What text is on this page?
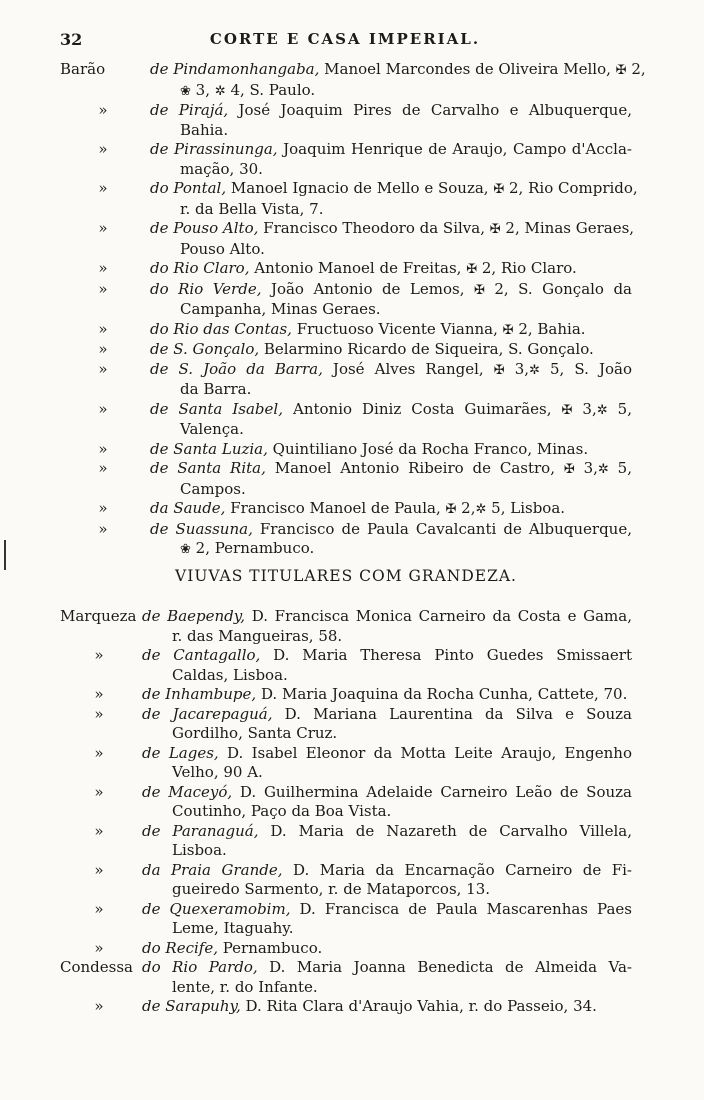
32	CORTE E CASA IMPERIAL.
Barão	de Pindamonhangaba, Manoel Marcondes de Oliveira Mello, ✠ 2,
❀ 3, ✲ 4, S. Paulo.
»	de Pirajá, José Joaquim Pires de Carvalho e Albuquerque,
Bahia.
»	de Pirassinunga, Joaquim Henrique de Araujo, Campo d'Accla-
mação, 30.
»	do Pontal, Manoel Ignacio de Mello e Souza, ✠ 2, Rio Comprido,
r. da Bella Vista, 7.
»	de Pouso Alto, Francisco Theodoro da Silva, ✠ 2, Minas Geraes,
Pouso Alto.
»	do Rio Claro, Antonio Manoel de Freitas, ✠ 2, Rio Claro.
»	do Rio Verde, João Antonio de Lemos, ✠ 2, S. Gonçalo da
Campanha, Minas Geraes.
»	do Rio das Contas, Fructuoso Vicente Vianna, ✠ 2, Bahia.
»	de S. Gonçalo, Belarmino Ricardo de Siqueira, S. Gonçalo.
»	de S. João da Barra, José Alves Rangel, ✠ 3,✲ 5, S. João
da Barra.
»	de Santa Isabel, Antonio Diniz Costa Guimarães, ✠ 3,✲ 5,
Valença.
»	de Santa Luzia, Quintiliano José da Rocha Franco, Minas.
»	de Santa Rita, Manoel Antonio Ribeiro de Castro, ✠ 3,✲ 5,
Campos.
»	da Saude, Francisco Manoel de Paula, ✠ 2,✲ 5, Lisboa.
»	de Suassuna, Francisco de Paula Cavalcanti de Albuquerque,
❀ 2, Pernambuco.
VIUVAS TITULARES COM GRANDEZA.
Marqueza de Baependy, D. Francisca Monica Carneiro da Costa e Gama,
r. das Mangueiras, 58.
»	de Cantagallo, D. Maria Theresa Pinto Guedes Smissaert
Caldas, Lisboa.
»	de Inhambupe, D. Maria Joaquina da Rocha Cunha, Cattete, 70.
»	de Jacarepaguá, D. Mariana Laurentina da Silva e Souza
Gordilho, Santa Cruz.
»	de Lages, D. Isabel Eleonor da Motta Leite Araujo, Engenho
Velho, 90 A.
»	de Maceyó, D. Guilhermina Adelaide Carneiro Leão de Souza
Coutinho, Paço da Boa Vista.
»	de Paranaguá, D. Maria de Nazareth de Carvalho Villela,
Lisboa.
»	da Praia Grande, D. Maria da Encarnação Carneiro de Fi-
gueiredo Sarmento, r. de Mataporcos, 13.
»	de Quexeramobim, D. Francisca de Paula Mascarenhas Paes
Leme, Itaguahy.
»	do Recife, Pernambuco.
Condessa do Rio Pardo, D. Maria Joanna Benedicta de Almeida Va-
lente, r. do Infante.
»	de Sarapuhy, D. Rita Clara d'Araujo Vahia, r. do Passeio, 34.
